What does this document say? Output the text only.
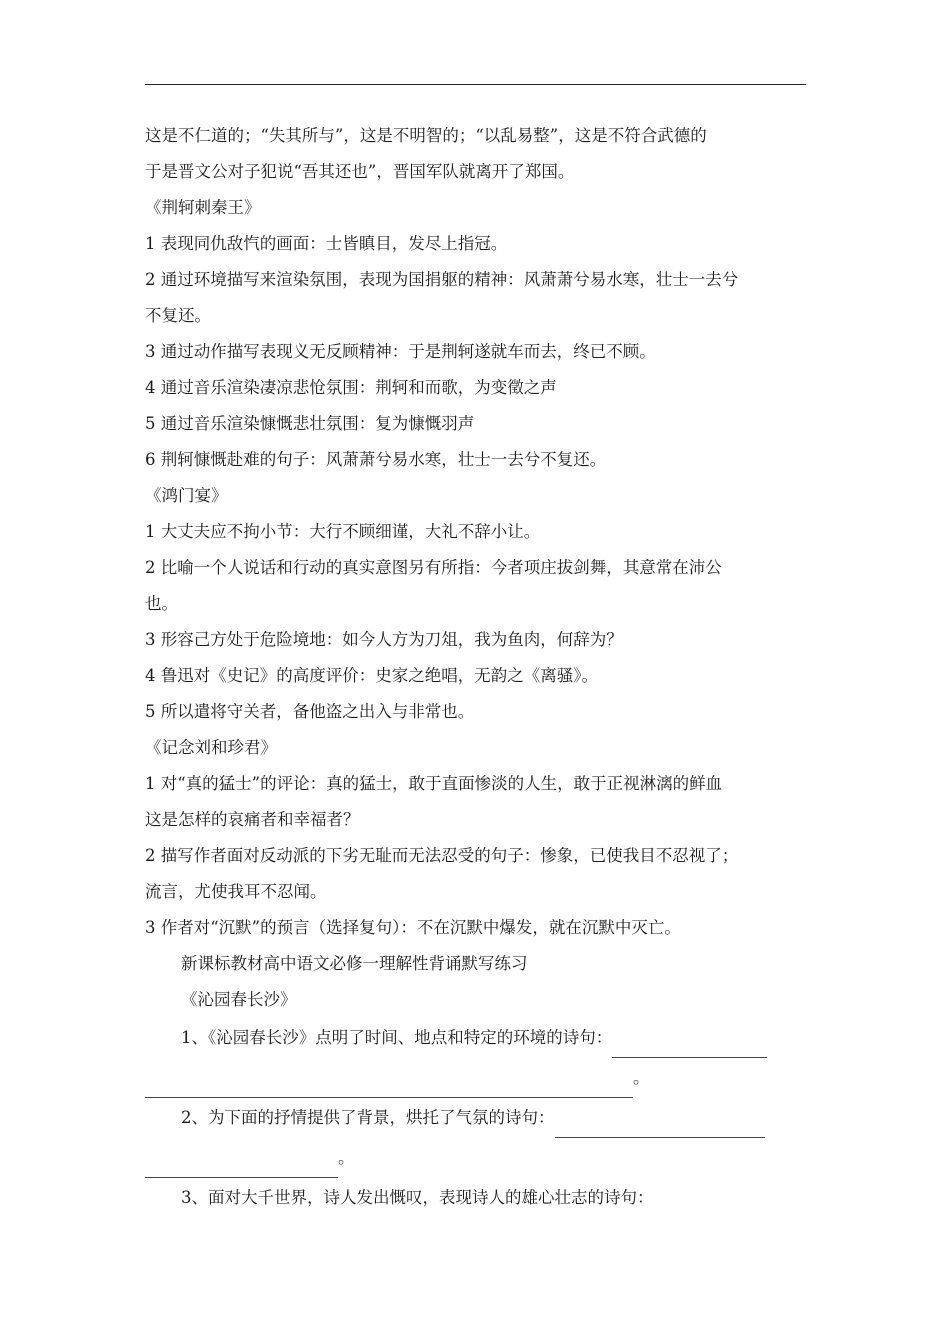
这是不仁道的；“失其所与”，这是不明智的；“以乱易整”，这是不符合武德的
于是晋文公对子犯说“吾其还也”，晋国军队就离开了郑国。
《荆轲刺秦王》
1 表现同仇敌忾的画面：士皆瞋目，发尽上指冠。
2 通过环境描写来渲染氛围，表现为国捐躯的精神：风萧萧兮易水寒，壮士一去兮
不复还。
3 通过动作描写表现义无反顾精神：于是荆轲遂就车而去，终已不顾。
4 通过音乐渲染凄凉悲怆氛围：荆轲和而歌，为变徵之声
5 通过音乐渲染慷慨悲壮氛围：复为慷慨羽声
6 荆轲慷慨赴难的句子：风萧萧兮易水寒，壮士一去兮不复还。
《鸿门宴》
1 大丈夫应不拘小节：大行不顾细谨，大礼不辞小让。
2 比喻一个人说话和行动的真实意图另有所指：今者项庄拔剑舞，其意常在沛公
也。
3 形容己方处于危险境地：如今人方为刀俎，我为鱼肉，何辞为？
4 鲁迅对《史记》的高度评价：史家之绝唱，无韵之《离骚》。
5 所以遣将守关者，备他盗之出入与非常也。
《记念刘和珍君》
1 对“真的猛士”的评论：真的猛士，敢于直面惨淡的人生，敢于正视淋漓的鲜血
这是怎样的哀痛者和幸福者？
2 描写作者面对反动派的下劣无耻而无法忍受的句子：惨象，已使我目不忍视了；
流言，尤使我耳不忍闻。
3 作者对“沉默”的预言（选择复句）：不在沉默中爆发，就在沉默中灭亡。
新课标教材高中语文必修一理解性背诵默写练习
《沁园春长沙》
1、《沁园春长沙》点明了时间、地点和特定的环境的诗句：
。
2、为下面的抒情提供了背景，烘托了气氛的诗句：
。
3、面对大千世界，诗人发出慨叹，表现诗人的雄心壮志的诗句：
